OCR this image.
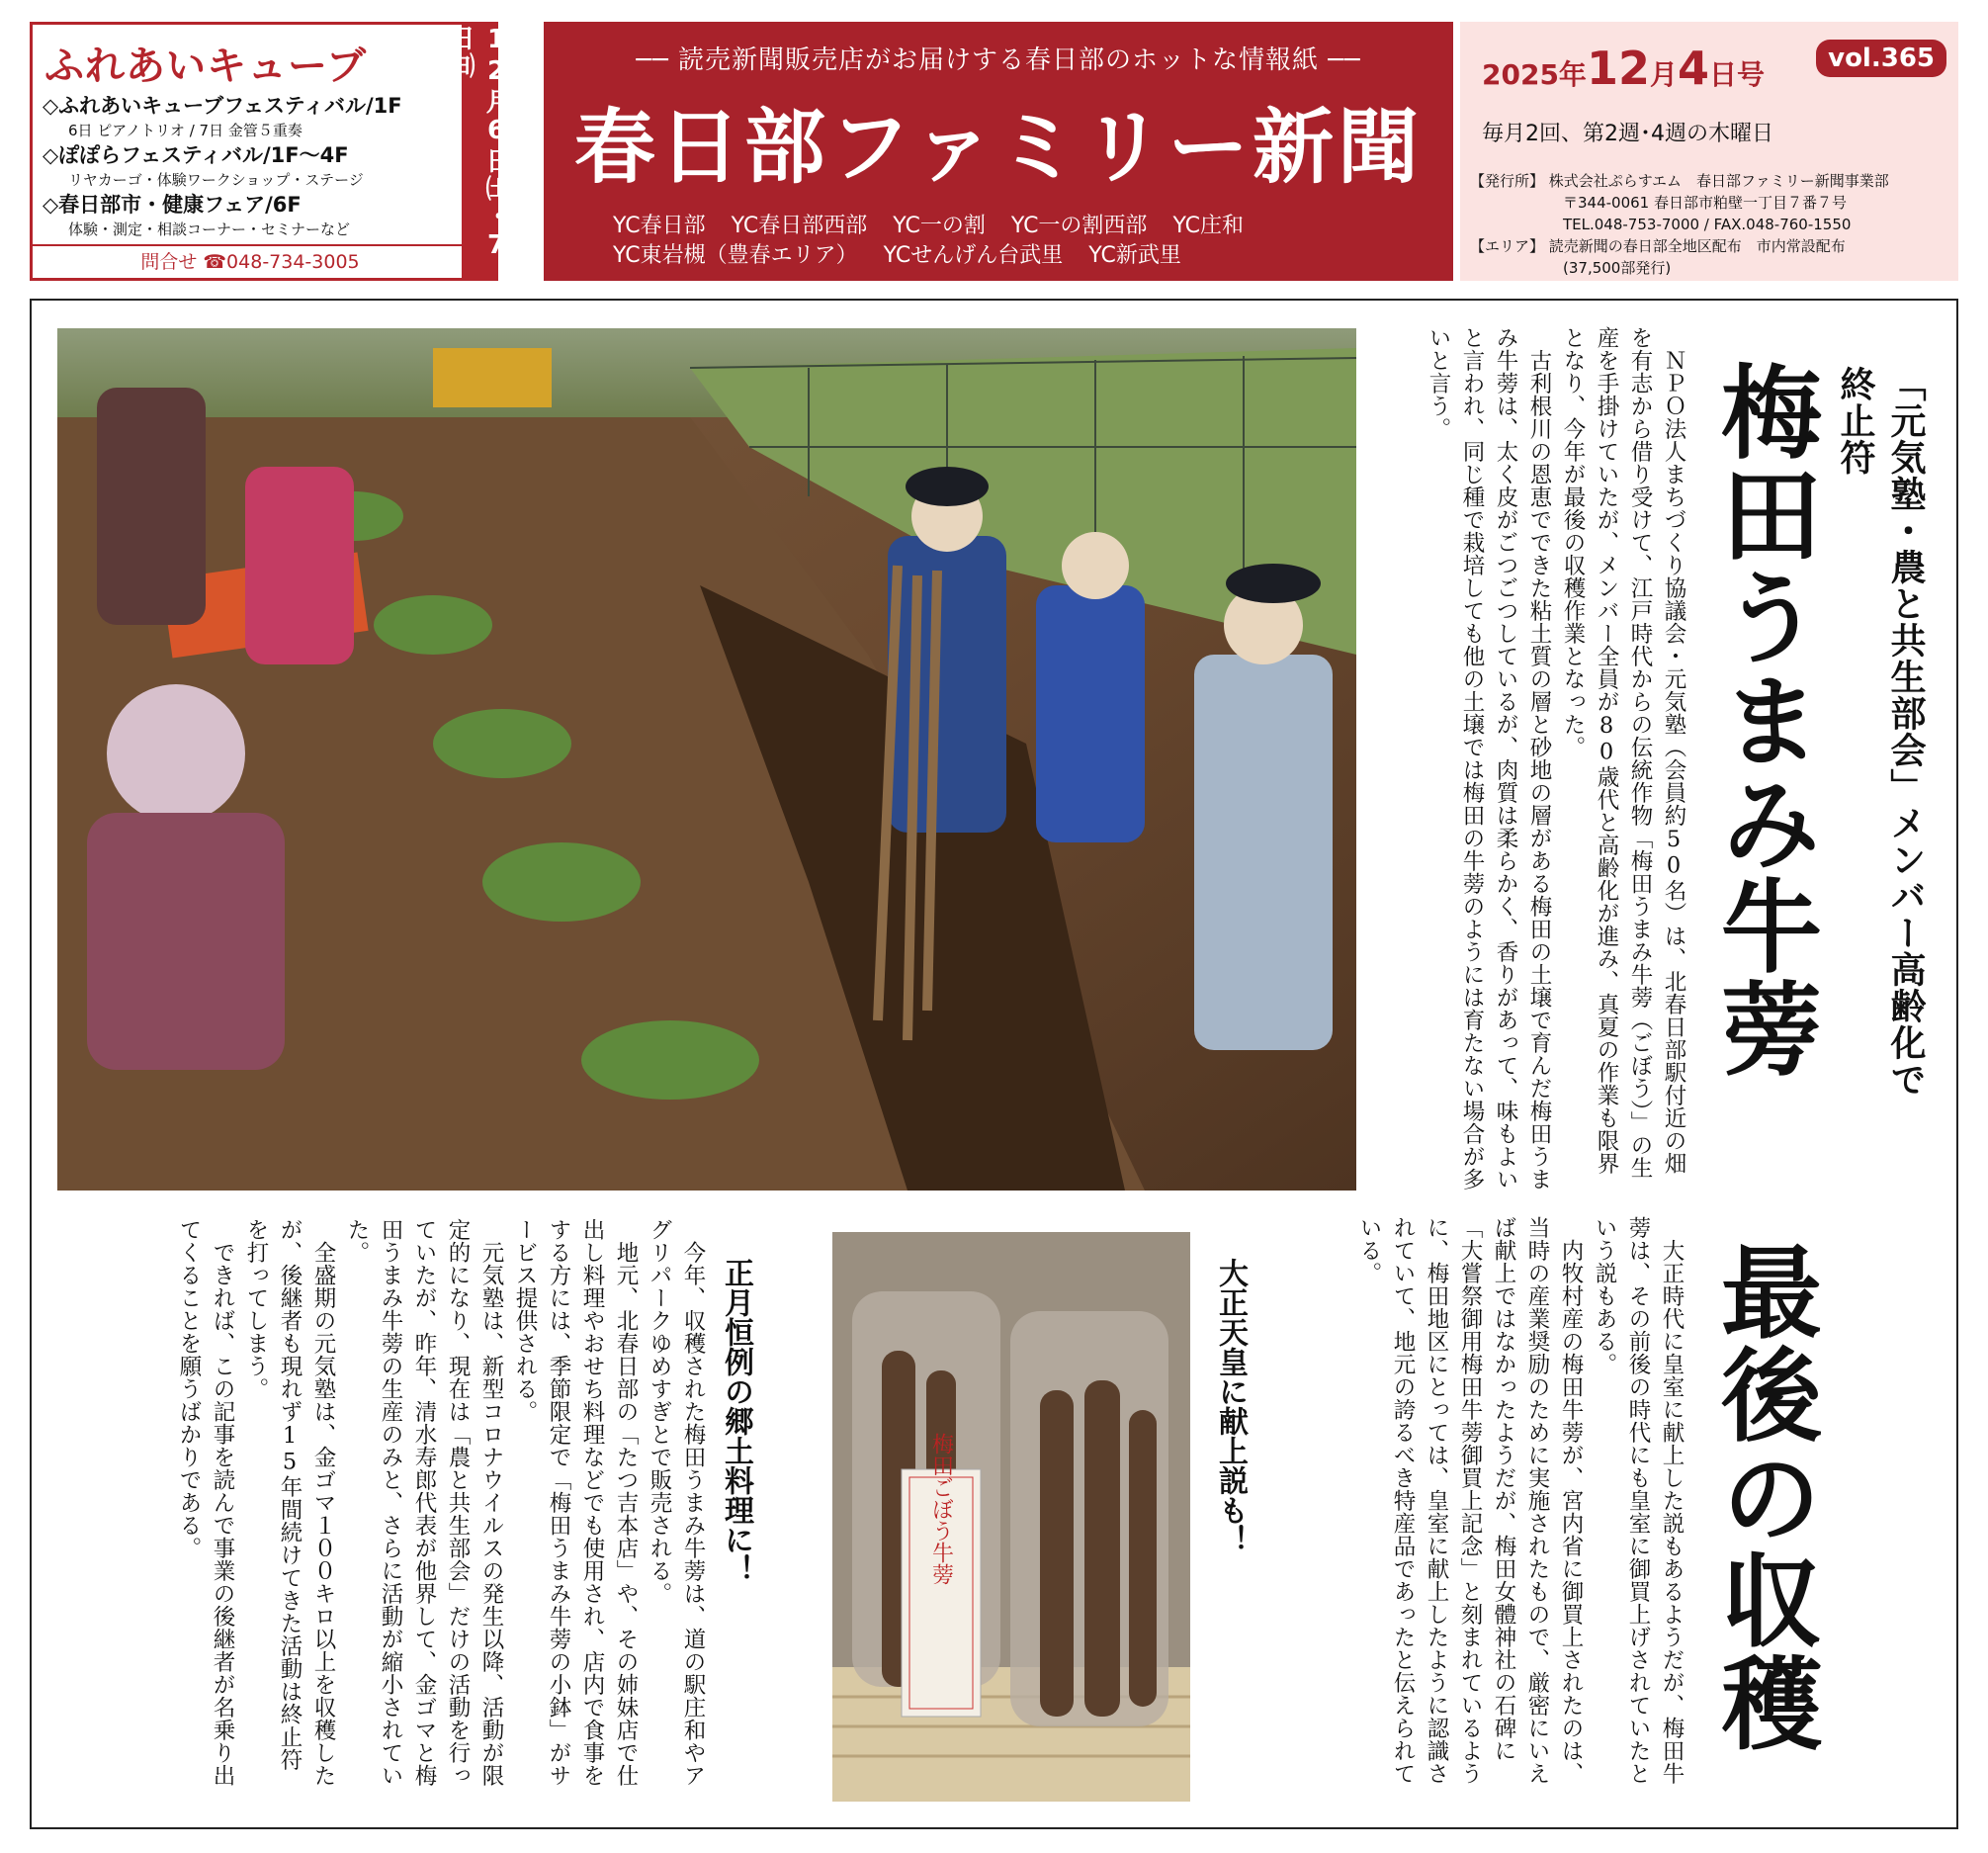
ふれあいキューブ
◇ふれあいキューブフェスティバル/1F
6日 ピアノトリオ / 7日 金管５重奏
◇ぽぽらフェスティバル/1F～4F
リヤカーゴ・体験ワークショップ・ステージ
◇春日部市・健康フェア/6F
体験・測定・相談コーナー・セミナーなど
問合せ ☎048-734-3005	12月6日㈯・7日㈰	── 読売新聞販売店がお届けする春日部のホットな情報紙 ──
春日部ファミリー新聞
YC春日部 YC春日部西部 YC一の割 YC一の割西部 YC庄和
YC東岩槻（豊春エリア） YCせんげん台武里 YC新武里
2025年12月4日号	vol.365
毎月2回、第2週･4週の木曜日
【発行所】 株式会社ぷらすエム　春日部ファミリー新聞事業部
〒344-0061 春日部市粕壁一丁目７番７号
TEL.048-753-7000 / FAX.048-760-1550
【エリア】 読売新聞の春日部全地区配布　市内常設配布
(37,500部発行)
「元気塾・農と共生部会」メンバー高齢化で終止符
梅田うまみ牛蒡 最後の収穫

ＮＰＯ法人まちづくり協議会・元気塾（会員約50名）は、北春日部駅付近の畑を有志から借り受けて、江戸時代からの伝統作物「梅田うまみ牛蒡（ごぼう）」の生産を手掛けていたが、メンバー全員が80歳代と高齢化が進み、真夏の作業も限界となり、今年が最後の収穫作業となった。

古利根川の恩恵でできた粘土質の層と砂地の層がある梅田の土壌で育んだ梅田うまみ牛蒡は、太く皮がごつごつしているが、肉質は柔らかく、香りがあって、味もよいと言われ、同じ種で栽培しても他の土壌では梅田の牛蒡のようには育たない場合が多いと言う。

大正時代に皇室に献上した説もあるようだが、梅田牛蒡は、その前後の時代にも皇室に御買上げされていたという説もある。

内牧村産の梅田牛蒡が、宮内省に御買上されたのは、当時の産業奨励のために実施されたもので、厳密にいえば献上ではなかったようだが、梅田女體神社の石碑に「大嘗祭御用梅田牛蒡御買上記念」と刻まれているように、梅田地区にとっては、皇室に献上したように認識されていて、地元の誇るべき特産品であったと伝えられている。

大正天皇に献上説も！
梅田ごぼう牛蒡
正月恒例の郷土料理に！

今年、収穫された梅田うまみ牛蒡は、道の駅庄和やアグリパークゆめすぎとで販売される。

地元、北春日部の「たつ吉本店」や、その姉妹店で仕出し料理やおせち料理などでも使用され、店内で食事をする方には、季節限定で「梅田うまみ牛蒡の小鉢」がサービス提供される。

元気塾は、新型コロナウイルスの発生以降、活動が限定的になり、現在は「農と共生部会」だけの活動を行っていたが、昨年、清水寿郎代表が他界して、金ゴマと梅田うまみ牛蒡の生産のみと、さらに活動が縮小されていた。

全盛期の元気塾は、金ゴマ１００キロ以上を収穫したが、後継者も現れず15年間続けてきた活動は終止符を打ってしまう。

できれば、この記事を読んで事業の後継者が名乗り出てくることを願うばかりである。
